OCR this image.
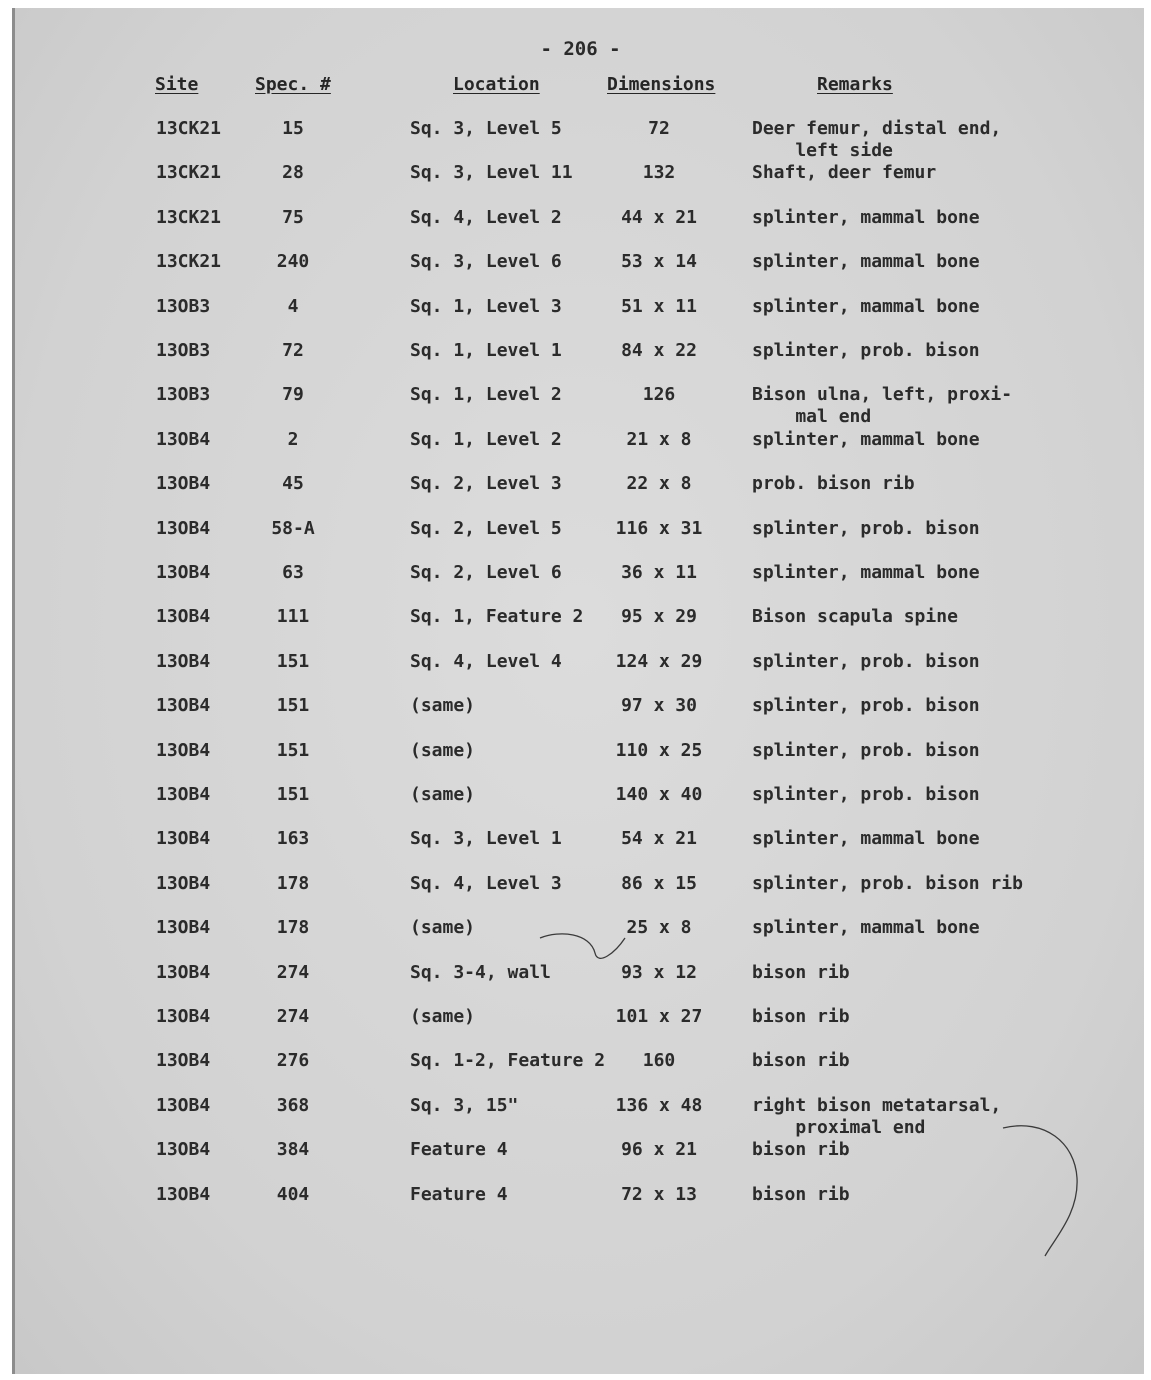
- 206 -
Site	Spec. #	Location	Dimensions	Remarks
13CK21	15	Sq. 3, Level 5	72	Deer femur, distal end,
left side
13CK21	28	Sq. 3, Level 11	132	Shaft, deer femur
13CK21	75	Sq. 4, Level 2	44 x 21	splinter, mammal bone
13CK21	240	Sq. 3, Level 6	53 x 14	splinter, mammal bone
13OB3	4	Sq. 1, Level 3	51 x 11	splinter, mammal bone
13OB3	72	Sq. 1, Level 1	84 x 22	splinter, prob. bison
13OB3	79	Sq. 1, Level 2	126	Bison ulna, left, proxi-
mal end
13OB4	2	Sq. 1, Level 2	21 x 8	splinter, mammal bone
13OB4	45	Sq. 2, Level 3	22 x 8	prob. bison rib
13OB4	58-A	Sq. 2, Level 5	116 x 31	splinter, prob. bison
13OB4	63	Sq. 2, Level 6	36 x 11	splinter, mammal bone
13OB4	111	Sq. 1, Feature 2	95 x 29	Bison scapula spine
13OB4	151	Sq. 4, Level 4	124 x 29	splinter, prob. bison
13OB4	151	(same)	97 x 30	splinter, prob. bison
13OB4	151	(same)	110 x 25	splinter, prob. bison
13OB4	151	(same)	140 x 40	splinter, prob. bison
13OB4	163	Sq. 3, Level 1	54 x 21	splinter, mammal bone
13OB4	178	Sq. 4, Level 3	86 x 15	splinter, prob. bison rib
13OB4	178	(same)	25 x 8	splinter, mammal bone
13OB4	274	Sq. 3-4, wall	93 x 12	bison rib
13OB4	274	(same)	101 x 27	bison rib
13OB4	276	Sq. 1-2, Feature 2	160	bison rib
13OB4	368	Sq. 3, 15"	136 x 48	right bison metatarsal,
proximal end
13OB4	384	Feature 4	96 x 21	bison rib
13OB4	404	Feature 4	72 x 13	bison rib
